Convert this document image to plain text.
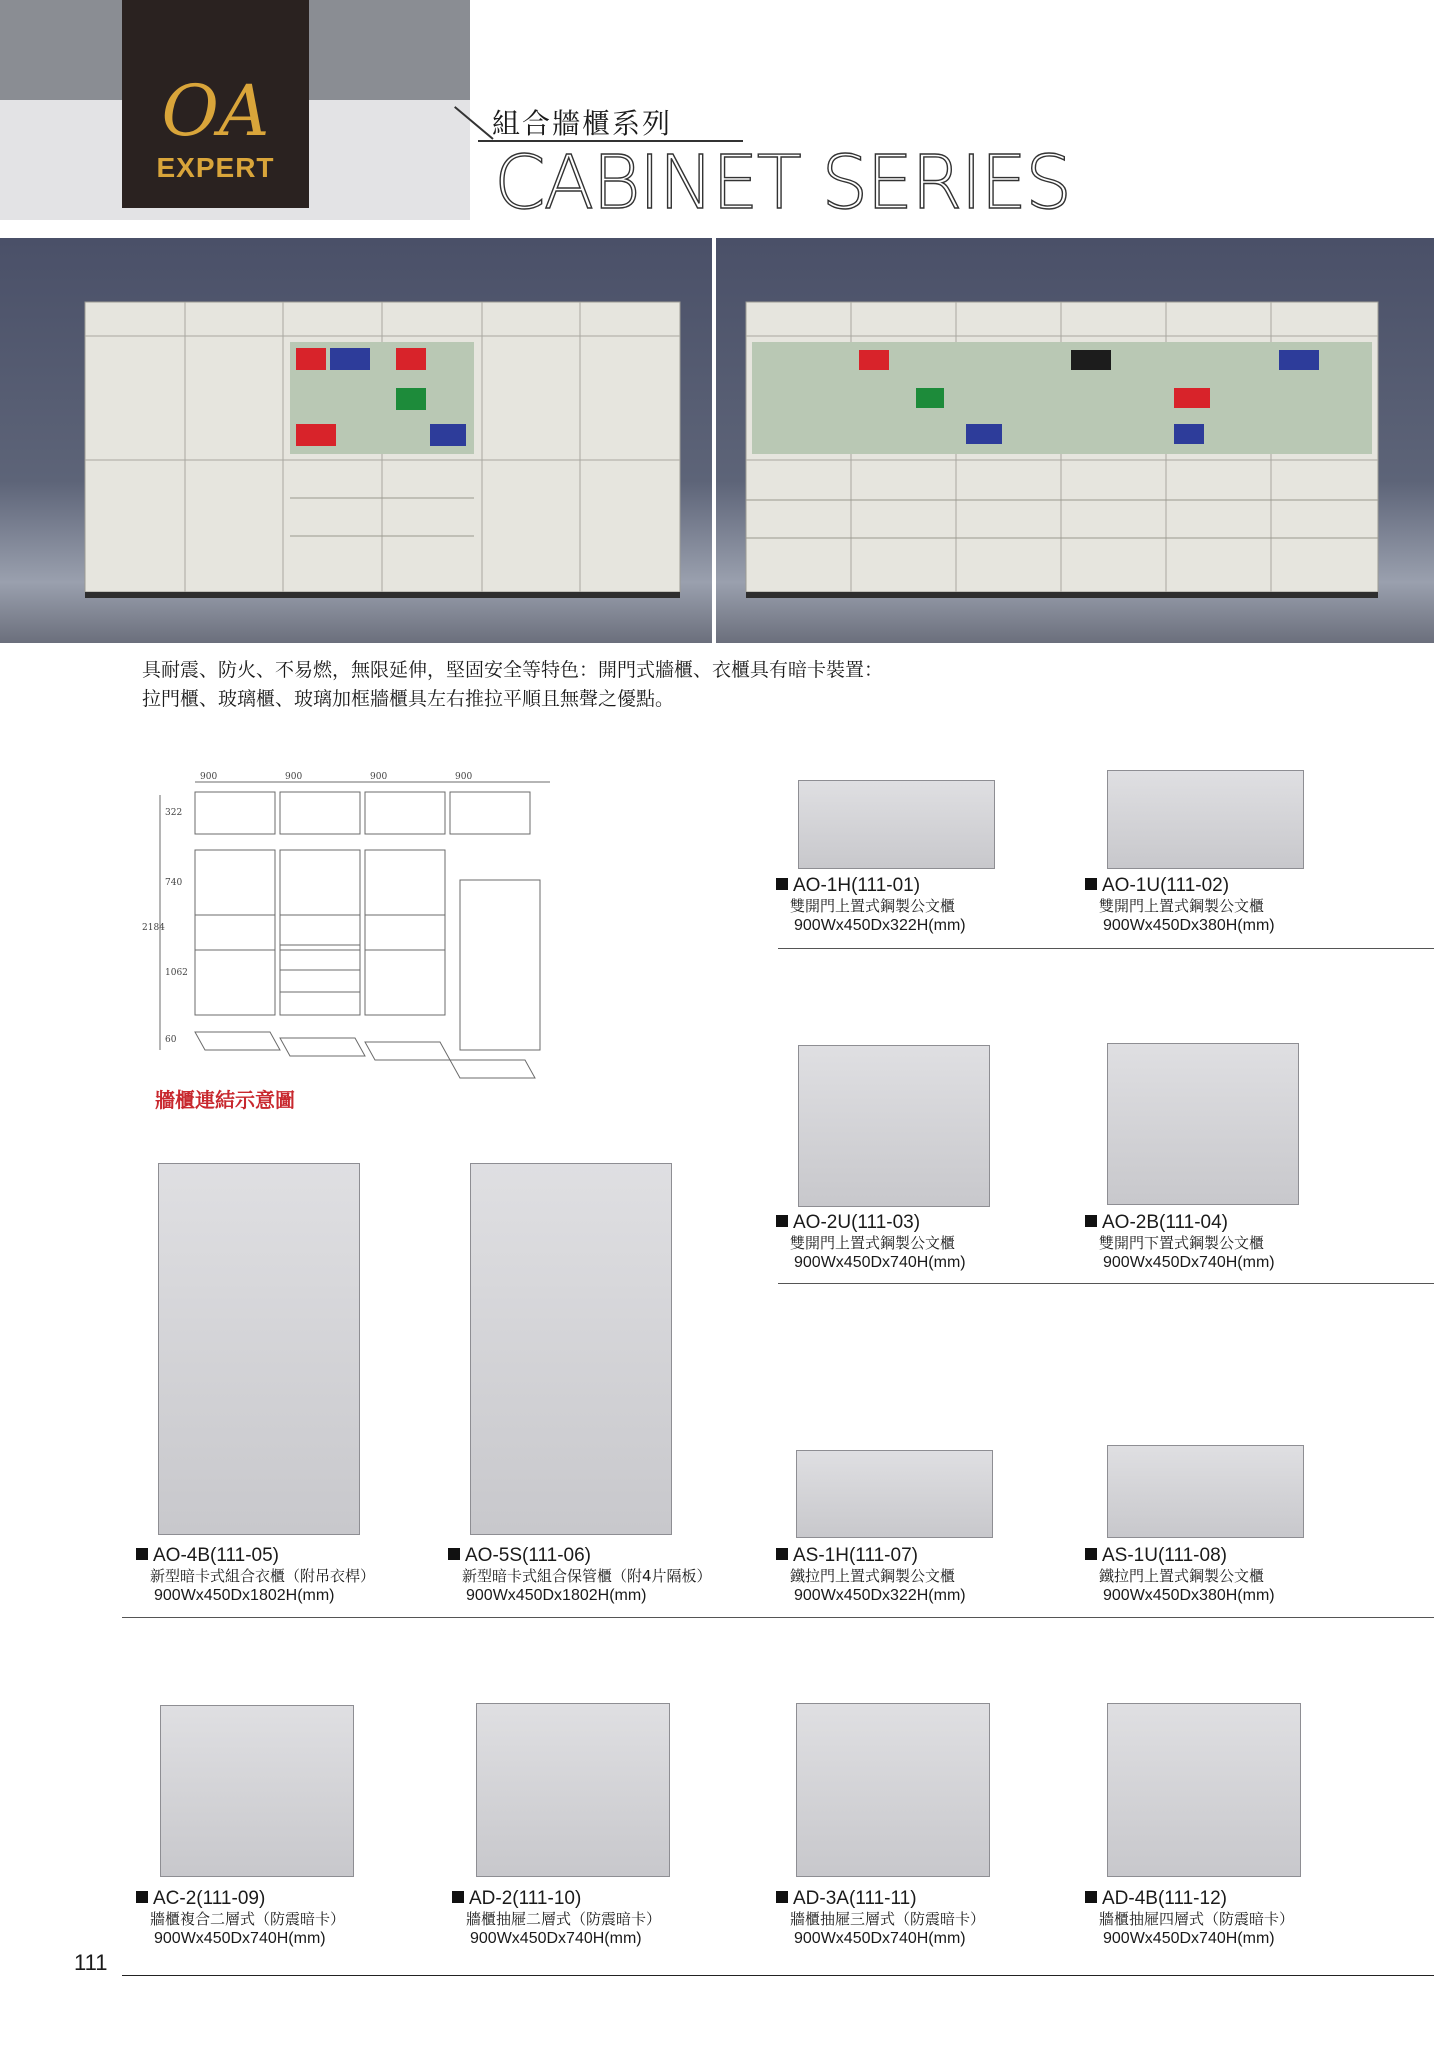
OA
EXPERT
組合牆櫃系列
CABINET SERIES
具耐震、防火、不易燃，無限延伸，堅固安全等特色：開門式牆櫃、衣櫃具有暗卡裝置：
拉門櫃、玻璃櫃、玻璃加框牆櫃具左右推拉平順且無聲之優點。
900	900	900	900
322
740
1062
60
2184
牆櫃連結示意圖
AO-1H(111-01)
雙開門上置式鋼製公文櫃
900Wx450Dx322H(mm)
AO-1U(111-02)
雙開門上置式鋼製公文櫃
900Wx450Dx380H(mm)
AO-2U(111-03)
雙開門上置式鋼製公文櫃
900Wx450Dx740H(mm)
AO-2B(111-04)
雙開門下置式鋼製公文櫃
900Wx450Dx740H(mm)
AO-4B(111-05)
新型暗卡式組合衣櫃（附吊衣桿）
900Wx450Dx1802H(mm)
AO-5S(111-06)
新型暗卡式組合保管櫃（附4片隔板）
900Wx450Dx1802H(mm)
AS-1H(111-07)
鐵拉門上置式鋼製公文櫃
900Wx450Dx322H(mm)
AS-1U(111-08)
鐵拉門上置式鋼製公文櫃
900Wx450Dx380H(mm)
AC-2(111-09)
牆櫃複合二層式（防震暗卡）
900Wx450Dx740H(mm)
AD-2(111-10)
牆櫃抽屜二層式（防震暗卡）
900Wx450Dx740H(mm)
AD-3A(111-11)
牆櫃抽屜三層式（防震暗卡）
900Wx450Dx740H(mm)
AD-4B(111-12)
牆櫃抽屜四層式（防震暗卡）
900Wx450Dx740H(mm)
111
